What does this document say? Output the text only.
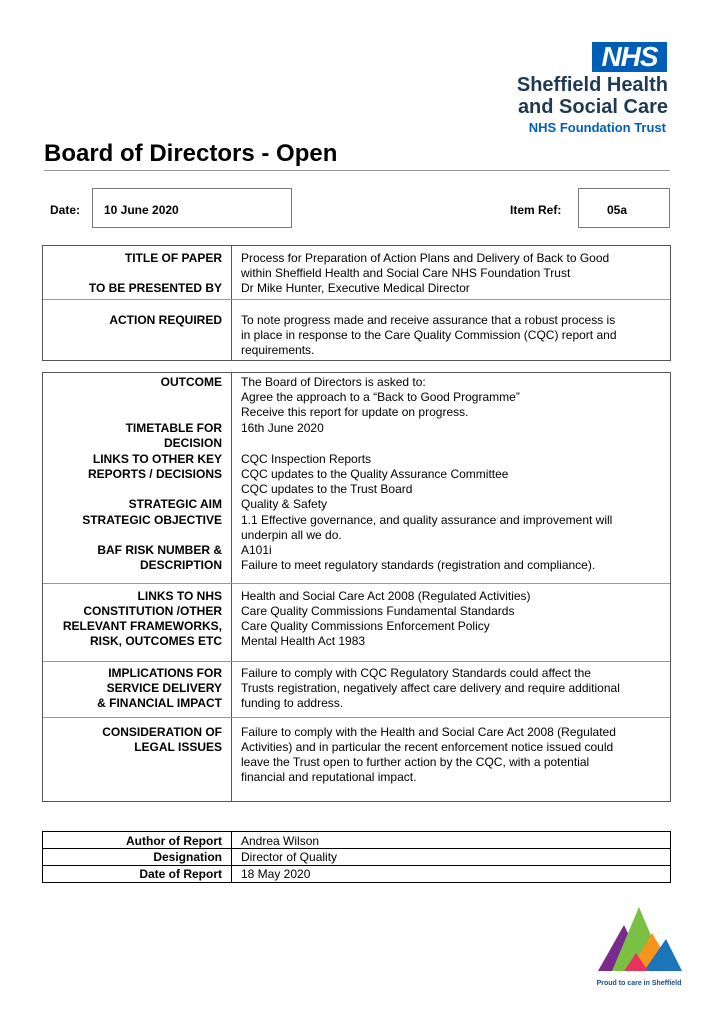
NHS
Sheffield Health
and Social Care
NHS Foundation Trust
Board of Directors - Open
Date: 10 June 2020	Item Ref:	05a
TITLE OF PAPER Process for Preparation of Action Plans and Delivery of Back to Good
within Sheffield Health and Social Care NHS Foundation Trust
TO BE PRESENTED BY Dr Mike Hunter, Executive Medical Director
ACTION REQUIRED To note progress made and receive assurance that a robust process is
in place in response to the Care Quality Commission (CQC) report and
requirements.
OUTCOME The Board of Directors is asked to:
Agree the approach to a “Back to Good Programme”
Receive this report for update on progress.
TIMETABLE FOR
DECISION
16th June 2020
LINKS TO OTHER KEY
REPORTS / DECISIONS
CQC Inspection Reports
CQC updates to the Quality Assurance Committee
CQC updates to the Trust Board
STRATEGIC AIM Quality & Safety
STRATEGIC OBJECTIVE 1.1 Effective governance, and quality assurance and improvement will
underpin all we do.
BAF RISK NUMBER &
DESCRIPTION
A101i
Failure to meet regulatory standards (registration and compliance).
LINKS TO NHS
CONSTITUTION /OTHER
RELEVANT FRAMEWORKS,
RISK, OUTCOMES ETC
Health and Social Care Act 2008 (Regulated Activities)
Care Quality Commissions Fundamental Standards
Care Quality Commissions Enforcement Policy
Mental Health Act 1983
IMPLICATIONS FOR
SERVICE DELIVERY
& FINANCIAL IMPACT
Failure to comply with CQC Regulatory Standards could affect the
Trusts registration, negatively affect care delivery and require additional
funding to address.
CONSIDERATION OF
LEGAL ISSUES
Failure to comply with the Health and Social Care Act 2008 (Regulated
Activities) and in particular the recent enforcement notice issued could
leave the Trust open to further action by the CQC, with a potential
financial and reputational impact.
Author of Report Andrea Wilson
Designation Director of Quality
Date of Report 18 May 2020
Proud to care in Sheffield
